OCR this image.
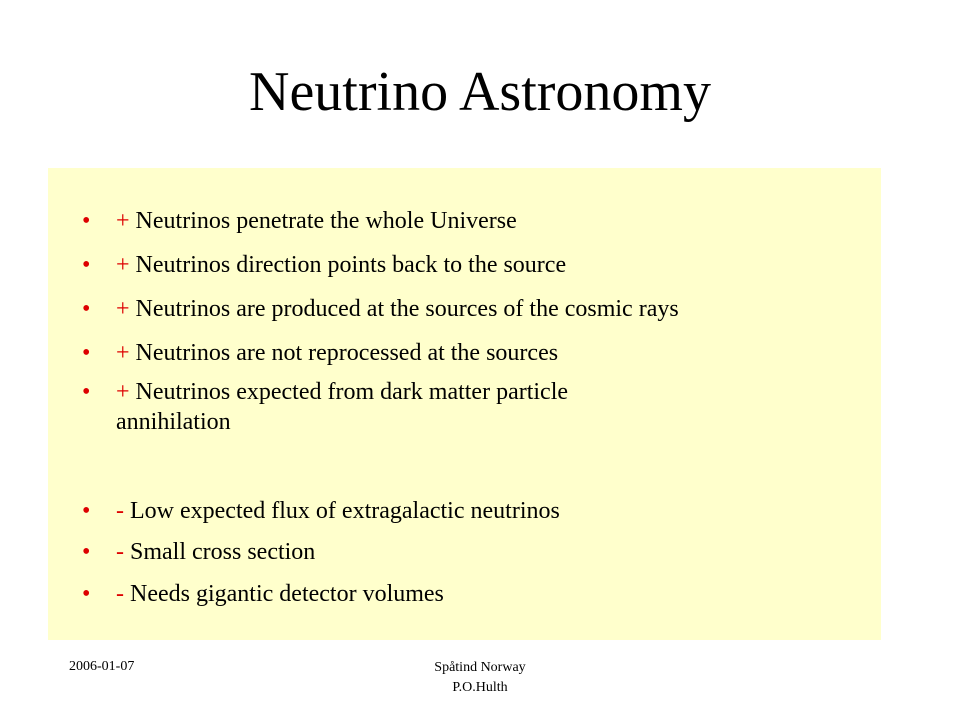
Neutrino Astronomy
• + Neutrinos penetrate the whole Universe
• + Neutrinos direction points back to the source
• + Neutrinos are produced at the sources of the cosmic rays
• + Neutrinos are not reprocessed at the sources
• + Neutrinos expected from dark matter particle annihilation
• - Low expected flux of extragalactic neutrinos
• - Small cross section
• - Needs gigantic detector volumes
2006-01-07	Spåtind Norway
P.O.Hulth
